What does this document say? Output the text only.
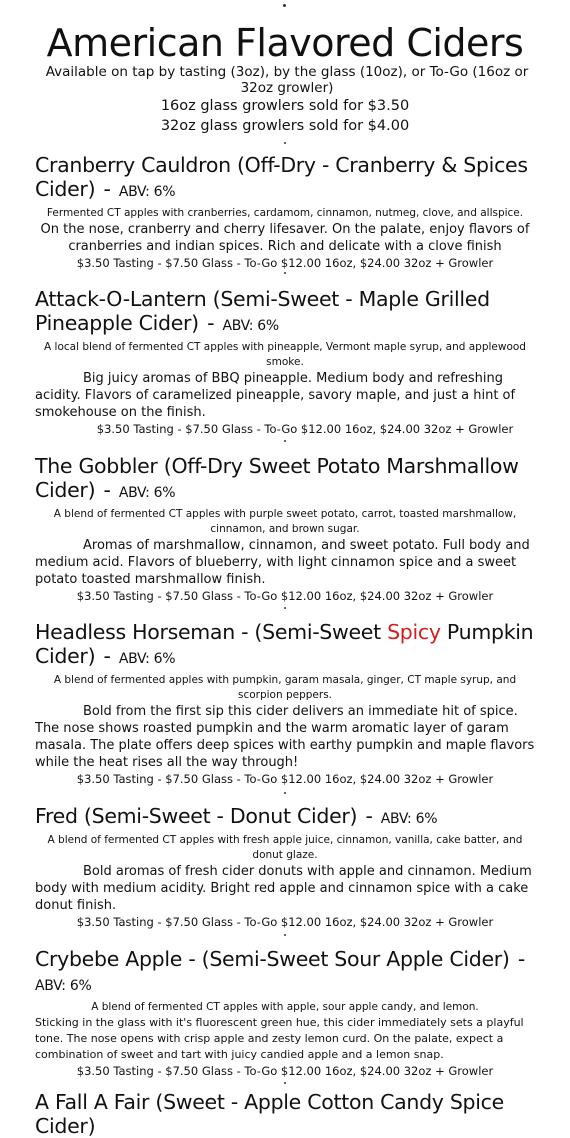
American Flavored Ciders

Available on tap by tasting (3oz), by the glass (10oz), or To-Go (16oz or 32oz growler)

16oz glass growlers sold for $3.50

32oz glass growlers sold for $4.00

Cranberry Cauldron (Off-Dry - Cranberry & Spices Cider) - ABV: 6%

Fermented CT apples with cranberries, cardamom, cinnamon, nutmeg, clove, and allspice.

On the nose, cranberry and cherry lifesaver. On the palate, enjoy flavors of cranberries and indian spices. Rich and delicate with a clove finish

$3.50 Tasting - $7.50 Glass - To-Go $12.00 16oz, $24.00 32oz + Growler

Attack-O-Lantern (Semi-Sweet - Maple Grilled Pineapple Cider) - ABV: 6%

A local blend of fermented CT apples with pineapple, Vermont maple syrup, and applewood smoke.

Big juicy aromas of BBQ pineapple. Medium body and refreshing acidity. Flavors of caramelized pineapple, savory maple, and just a hint of smokehouse on the finish.

$3.50 Tasting - $7.50 Glass - To-Go $12.00 16oz, $24.00 32oz + Growler

The Gobbler (Off-Dry Sweet Potato Marshmallow Cider) - ABV: 6%

A blend of fermented CT apples with purple sweet potato, carrot, toasted marshmallow, cinnamon, and brown sugar.

Aromas of marshmallow, cinnamon, and sweet potato. Full body and medium acid. Flavors of blueberry, with light cinnamon spice and a sweet potato toasted marshmallow finish.

$3.50 Tasting - $7.50 Glass - To-Go $12.00 16oz, $24.00 32oz + Growler

Headless Horseman - (Semi-Sweet Spicy Pumpkin Cider) - ABV: 6%

A blend of fermented apples with pumpkin, garam masala, ginger, CT maple syrup, and scorpion peppers.

Bold from the first sip this cider delivers an immediate hit of spice. The nose shows roasted pumpkin and the warm aromatic layer of garam masala. The plate offers deep spices with earthy pumpkin and maple flavors while the heat rises all the way through!

$3.50 Tasting - $7.50 Glass - To-Go $12.00 16oz, $24.00 32oz + Growler

Fred (Semi-Sweet - Donut Cider) - ABV: 6%

A blend of fermented CT apples with fresh apple juice, cinnamon, vanilla, cake batter, and donut glaze.

Bold aromas of fresh cider donuts with apple and cinnamon. Medium body with medium acidity. Bright red apple and cinnamon spice with a cake donut finish.

$3.50 Tasting - $7.50 Glass - To-Go $12.00 16oz, $24.00 32oz + Growler

Crybebe Apple - (Semi-Sweet Sour Apple Cider) - ABV: 6%

A blend of fermented CT apples with apple, sour apple candy, and lemon.

Sticking in the glass with it's fluorescent green hue, this cider immediately sets a playful tone. The nose opens with crisp apple and zesty lemon curd. On the palate, expect a combination of sweet and tart with juicy candied apple and a lemon snap.

$3.50 Tasting - $7.50 Glass - To-Go $12.00 16oz, $24.00 32oz + Growler

A Fall A Fair (Sweet - Apple Cotton Candy Spice Cider)
